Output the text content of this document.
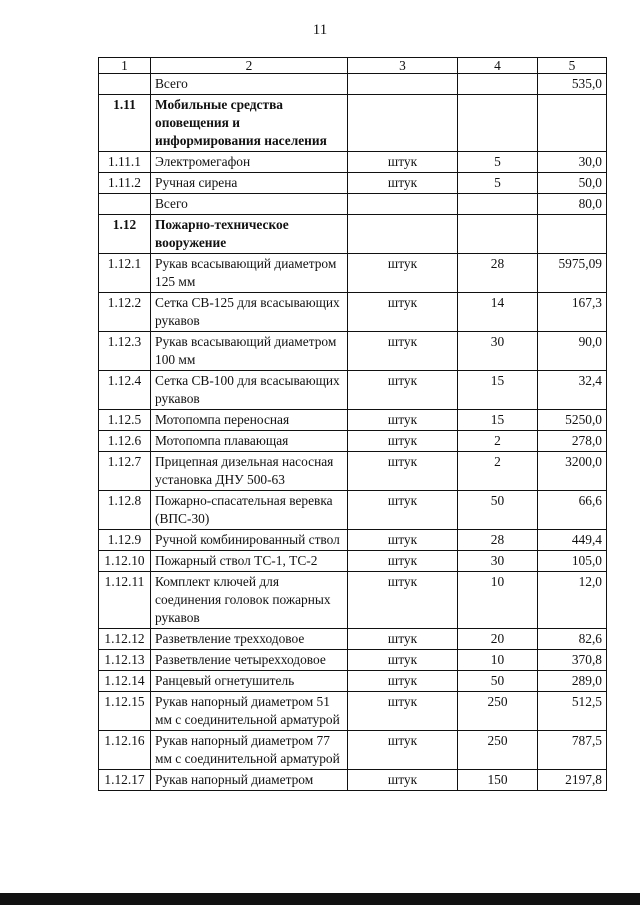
11
1	2	3	4	5
	Всего			535,0
1.11	Мобильные средства оповещения и информирования населения			
1.11.1	Электромегафон	штук	5	30,0
1.11.2	Ручная сирена	штук	5	50,0
	Всего			80,0
1.12	Пожарно-техническое вооружение			
1.12.1	Рукав всасывающий диаметром 125 мм	штук	28	5975,09
1.12.2	Сетка СВ-125 для всасывающих рукавов	штук	14	167,3
1.12.3	Рукав всасывающий диаметром 100 мм	штук	30	90,0
1.12.4	Сетка СВ-100 для всасывающих рукавов	штук	15	32,4
1.12.5	Мотопомпа переносная	штук	15	5250,0
1.12.6	Мотопомпа плавающая	штук	2	278,0
1.12.7	Прицепная дизельная насосная установка ДНУ 500-63	штук	2	3200,0
1.12.8	Пожарно-спасательная веревка (ВПС-30)	штук	50	66,6
1.12.9	Ручной комбинированный ствол	штук	28	449,4
1.12.10	Пожарный ствол ТС-1, ТС-2	штук	30	105,0
1.12.11	Комплект ключей для соединения головок пожарных рукавов	штук	10	12,0
1.12.12	Разветвление трехходовое	штук	20	82,6
1.12.13	Разветвление четырехходовое	штук	10	370,8
1.12.14	Ранцевый огнетушитель	штук	50	289,0
1.12.15	Рукав напорный диаметром 51 мм с соединительной арматурой	штук	250	512,5
1.12.16	Рукав напорный диаметром 77 мм с соединительной арматурой	штук	250	787,5
1.12.17	Рукав напорный диаметром	штук	150	2197,8
